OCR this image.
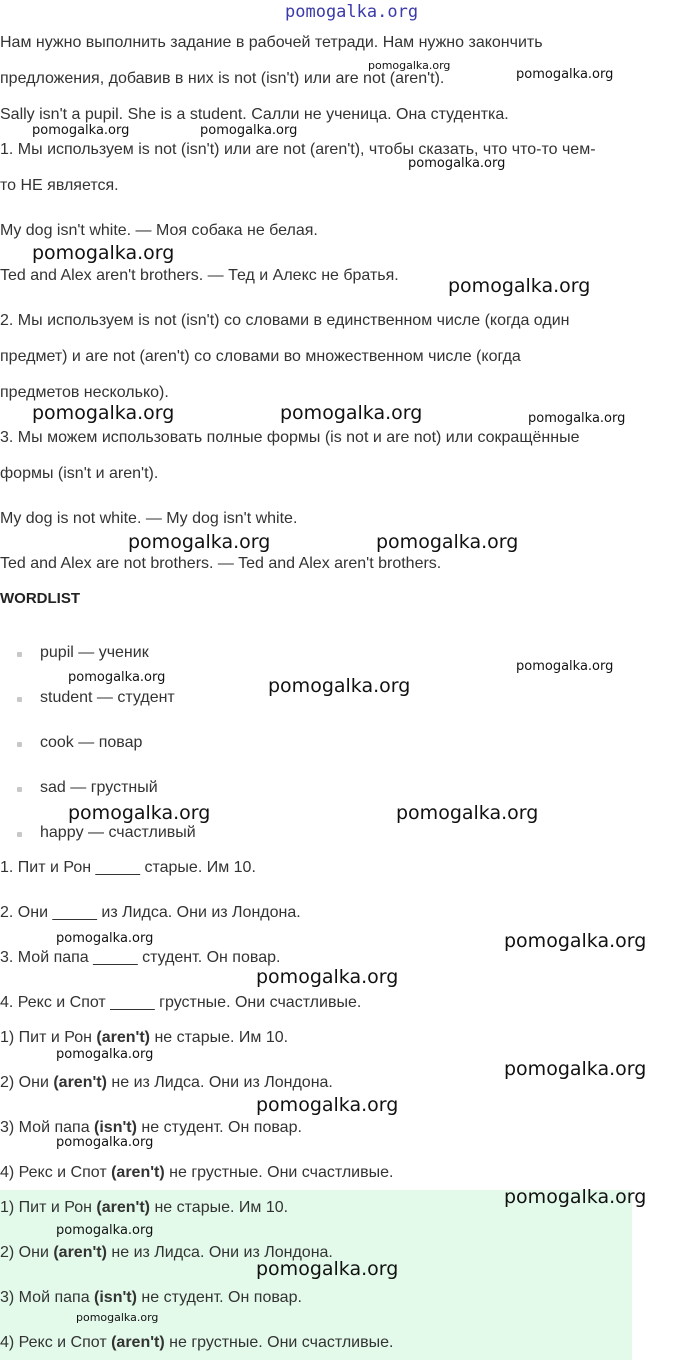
pomogalka.org
Нам нужно выполнить задание в рабочей тетради. Нам нужно закончить
предложения, добавив в них is not (isn't) или are not (aren't).
Sally isn't a pupil. She is a student. Салли не ученица. Она студентка.
1. Мы используем is not (isn't) или are not (aren't), чтобы сказать, что что-то чем-
то НЕ является.
My dog isn't white. — Моя собака не белая.
Ted and Alex aren't brothers. — Тед и Алекс не братья.
2. Мы используем is not (isn't) со словами в единственном числе (когда один
предмет) и are not (aren't) со словами во множественном числе (когда
предметов несколько).
3. Мы можем использовать полные формы (is not и are not) или сокращённые
формы (isn't и aren't).
My dog is not white. — My dog isn't white.
Ted and Alex are not brothers. — Ted and Alex aren't brothers.
WORDLIST
pupil — ученик
student — студент
cook — повар
sad — грустный
happy — счастливый
1. Пит и Рон _____ старые. Им 10.
2. Они _____ из Лидса. Они из Лондона.
3. Мой папа _____ студент. Он повар.
4. Рекс и Спот _____ грустные. Они счастливые.
1) Пит и Рон (aren't) не старые. Им 10.
2) Они (aren't) не из Лидса. Они из Лондона.
3) Мой папа (isn't) не студент. Он повар.
4) Рекс и Спот (aren't) не грустные. Они счастливые.
1) Пит и Рон (aren't) не старые. Им 10.
2) Они (aren't) не из Лидса. Они из Лондона.
3) Мой папа (isn't) не студент. Он повар.
4) Рекс и Спот (aren't) не грустные. Они счастливые.
pomogalka.org
pomogalka.org
pomogalka.org	pomogalka.org
pomogalka.org
pomogalka.org
pomogalka.org
pomogalka.org	pomogalka.org	pomogalka.org
pomogalka.org	pomogalka.org
pomogalka.org
pomogalka.org	pomogalka.org
pomogalka.org	pomogalka.org
pomogalka.org	pomogalka.org
pomogalka.org
pomogalka.org
pomogalka.org
pomogalka.org
pomogalka.org
pomogalka.org
pomogalka.org
pomogalka.org
pomogalka.org
